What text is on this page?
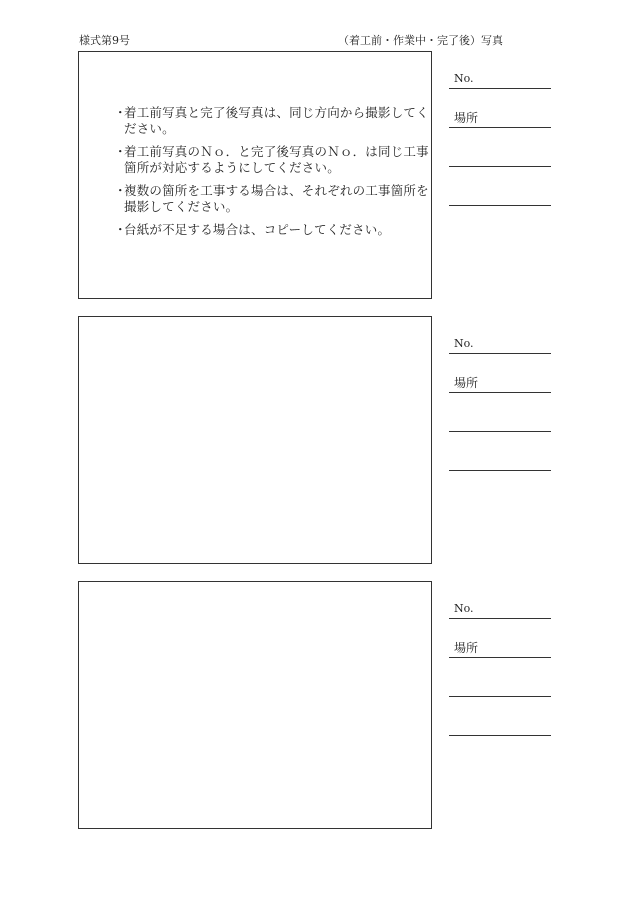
様式第9号	（着工前・作業中・完了後）写真
・
着工前写真と完了後写真は、同じ方向から撮影してください。
・
着工前写真のＮｏ．と完了後写真のＮｏ．は同じ工事箇所が対応するようにしてください。
・
複数の箇所を工事する場合は、それぞれの工事箇所を撮影してください。
・
台紙が不足する場合は、コピーしてください。
No.
場所
No.
場所
No.
場所
